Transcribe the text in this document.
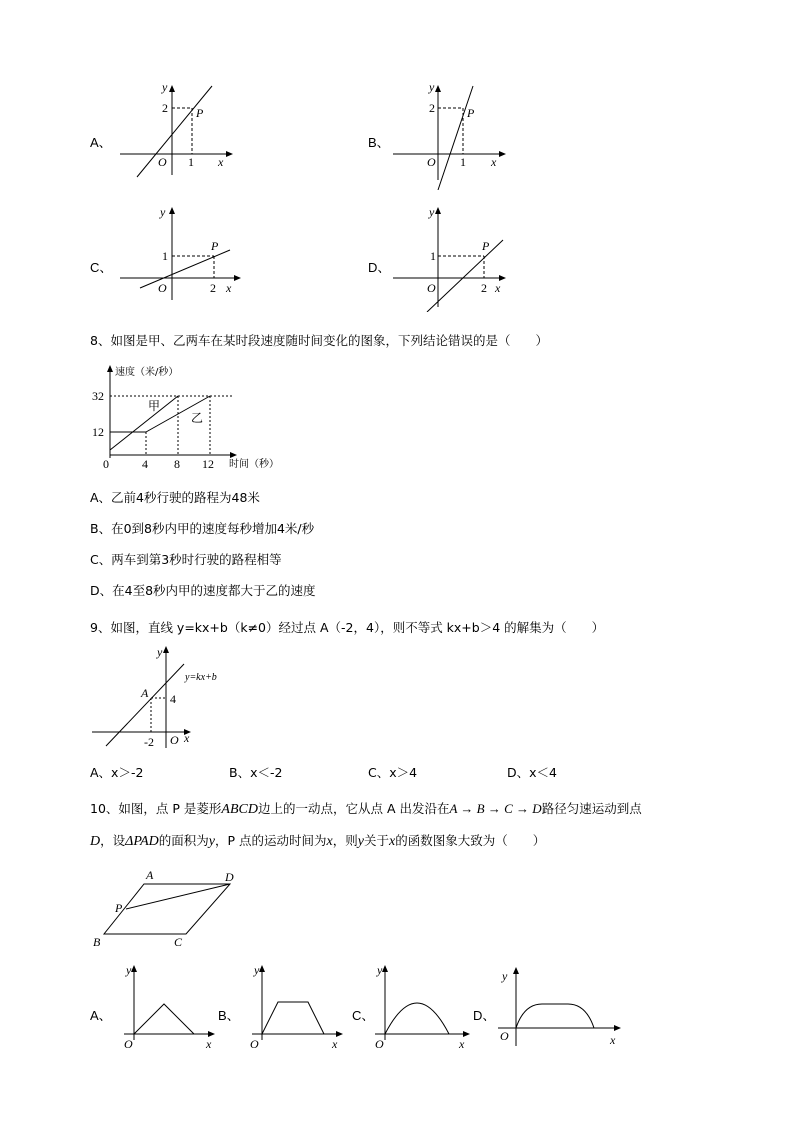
A、
y
x
O
P
2
1
B、
y
x
O
P
2
1
C、
y
x
O
P
1
2
D、
y
x
O
P
1
2
8、如图是甲、乙两车在某时段速度随时间变化的图象，下列结论错误的是（　　）
速度（米/秒）
时间（秒）
32
12
0	4 8 12
甲
乙
A、乙前4秒行驶的路程为48米
B、在0到8秒内甲的速度每秒增加4米/秒
C、两车到第3秒时行驶的路程相等
D、在4至8秒内甲的速度都大于乙的速度
9、如图，直线 y=kx+b（k≠0）经过点 A（-2，4），则不等式 kx+b＞4 的解集为（　　）
y
x
O
A
y=kx+b
4
-2
A、x＞-2	B、x＜-2	C、x＞4	D、x＜4
10、如图，点 P 是菱形ABCD边上的一动点，它从点 A 出发沿在A → B → C → D路径匀速运动到点
D，设ΔPAD的面积为y，P 点的运动时间为x，则y关于x的函数图象大致为（　　）
A	D
B	C
P
A、
y
x
O
B、
y
x
O
C、
y
x
O
D、
y
x
O
